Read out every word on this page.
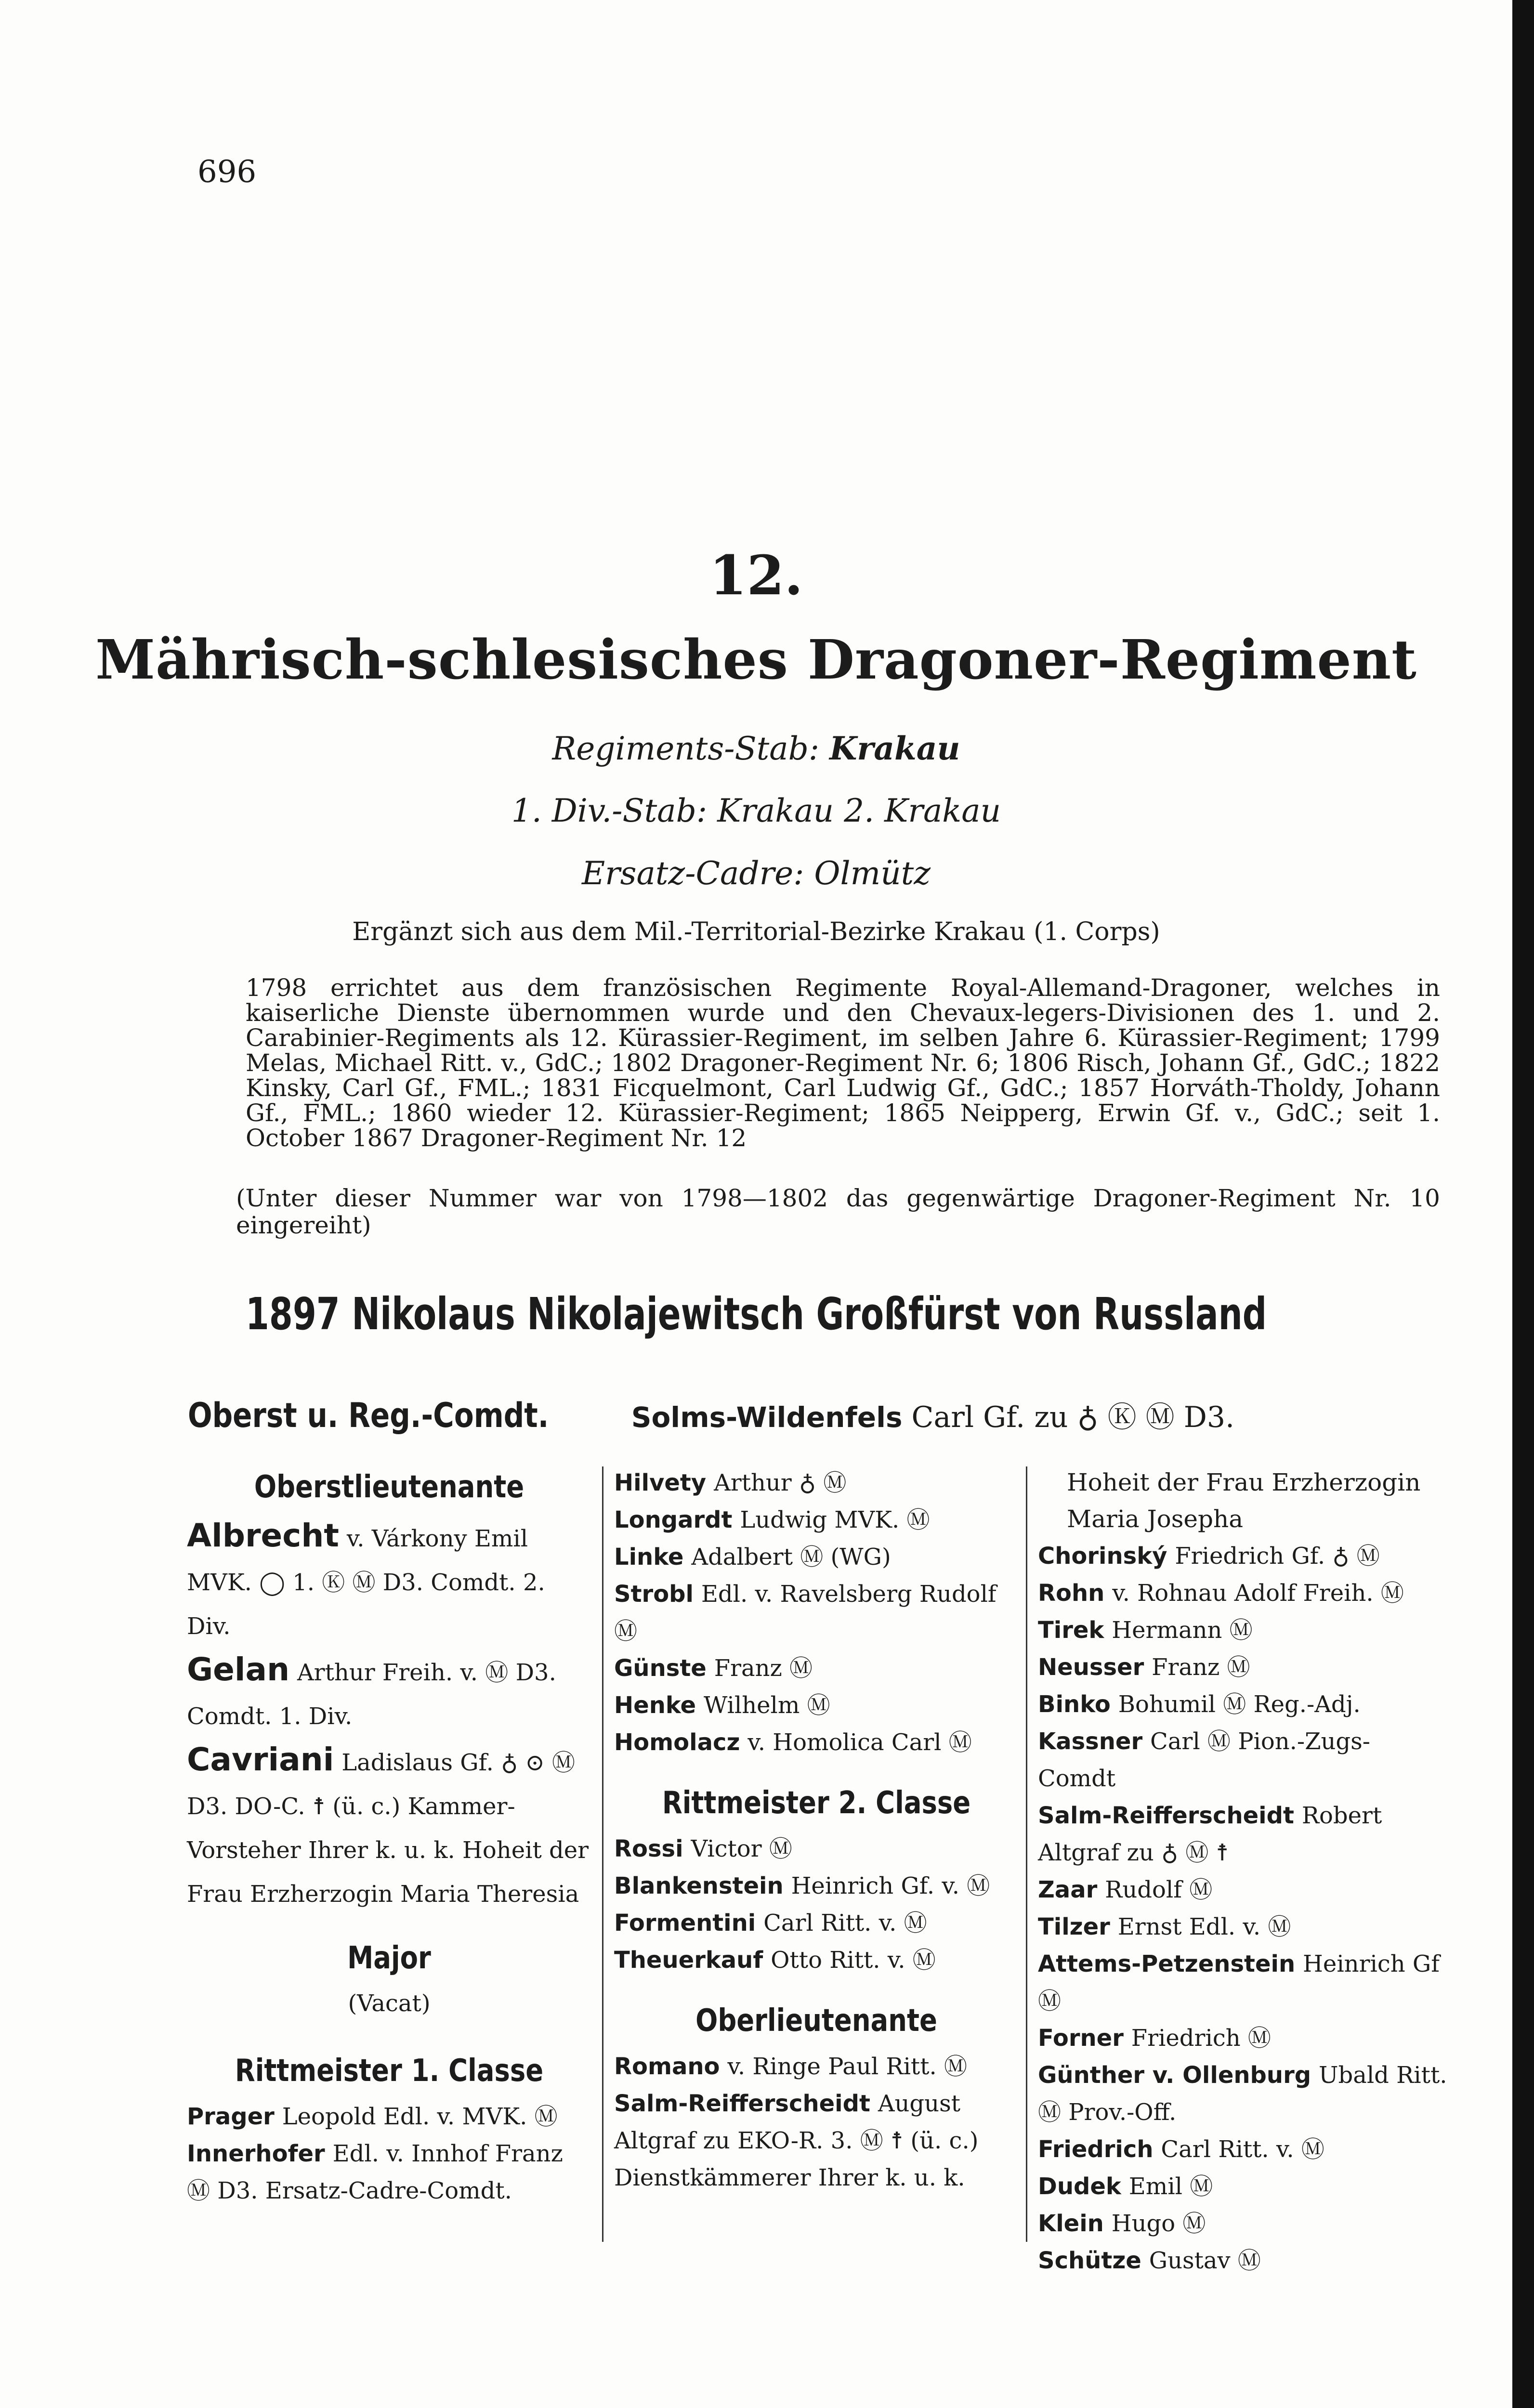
696
12.
Mährisch-schlesisches Dragoner-Regiment
Regiments-Stab: Krakau
1. Div.-Stab: Krakau 2. Krakau
Ersatz-Cadre: Olmütz
Ergänzt sich aus dem Mil.-Territorial-Bezirke Krakau (1. Corps)
1798 errichtet aus dem französischen Regimente Royal-Allemand-Dragoner, welches in kaiserliche Dienste übernommen wurde und den Chevaux-legers-Divisionen des 1. und 2. Carabinier-Regiments als 12. Kürassier-Regiment, im selben Jahre 6. Kürassier-Regiment; 1799 Melas, Michael Ritt. v., GdC.; 1802 Dragoner-Regiment Nr. 6; 1806 Risch, Johann Gf., GdC.; 1822 Kinsky, Carl Gf., FML.; 1831 Ficquelmont, Carl Ludwig Gf., GdC.; 1857 Horváth-Tholdy, Johann Gf., FML.; 1860 wieder 12. Kürassier-Regiment; 1865 Neipperg, Erwin Gf. v., GdC.; seit 1. October 1867 Dragoner-Regiment Nr. 12
(Unter dieser Nummer war von 1798—1802 das gegenwärtige Dragoner-Regiment Nr. 10 eingereiht)
1897 Nikolaus Nikolajewitsch Großfürst von Russland
Oberst u. Reg.-Comdt.	Solms-Wildenfels Carl Gf. zu ♁ Ⓚ Ⓜ D3.
Oberstlieutenante
Albrecht v. Várkony Emil MVK. ◯ 1. Ⓚ Ⓜ D3. Comdt. 2. Div.
Gelan Arthur Freih. v. Ⓜ D3. Comdt. 1. Div.
Cavriani Ladislaus Gf. ♁ ⊙ Ⓜ D3. DO-C. ☨ (ü. c.) Kammer-Vorsteher Ihrer k. u. k. Hoheit der Frau Erzherzogin Maria Theresia
Major
(Vacat)
Rittmeister 1. Classe
Prager Leopold Edl. v. MVK. Ⓜ
Innerhofer Edl. v. Innhof Franz Ⓜ D3. Ersatz-Cadre-Comdt.
Hilvety Arthur ♁ Ⓜ
Longardt Ludwig MVK. Ⓜ
Linke Adalbert Ⓜ (WG)
Strobl Edl. v. Ravelsberg Rudolf Ⓜ
Günste Franz Ⓜ
Henke Wilhelm Ⓜ
Homolacz v. Homolica Carl Ⓜ
Rittmeister 2. Classe
Rossi Victor Ⓜ
Blankenstein Heinrich Gf. v. Ⓜ
Formentini Carl Ritt. v. Ⓜ
Theuerkauf Otto Ritt. v. Ⓜ
Oberlieutenante
Romano v. Ringe Paul Ritt. Ⓜ
Salm-Reifferscheidt August Altgraf zu EKO-R. 3. Ⓜ ☨ (ü. c.) Dienstkämmerer Ihrer k. u. k.
Hoheit der Frau Erzherzogin Maria Josepha
Chorinský Friedrich Gf. ♁ Ⓜ
Rohn v. Rohnau Adolf Freih. Ⓜ
Tirek Hermann Ⓜ
Neusser Franz Ⓜ
Binko Bohumil Ⓜ Reg.-Adj.
Kassner Carl Ⓜ Pion.-Zugs-Comdt
Salm-Reifferscheidt Robert Altgraf zu ♁ Ⓜ ☨
Zaar Rudolf Ⓜ
Tilzer Ernst Edl. v. Ⓜ
Attems-Petzenstein Heinrich Gf Ⓜ
Forner Friedrich Ⓜ
Günther v. Ollenburg Ubald Ritt. Ⓜ Prov.-Off.
Friedrich Carl Ritt. v. Ⓜ
Dudek Emil Ⓜ
Klein Hugo Ⓜ
Schütze Gustav Ⓜ
